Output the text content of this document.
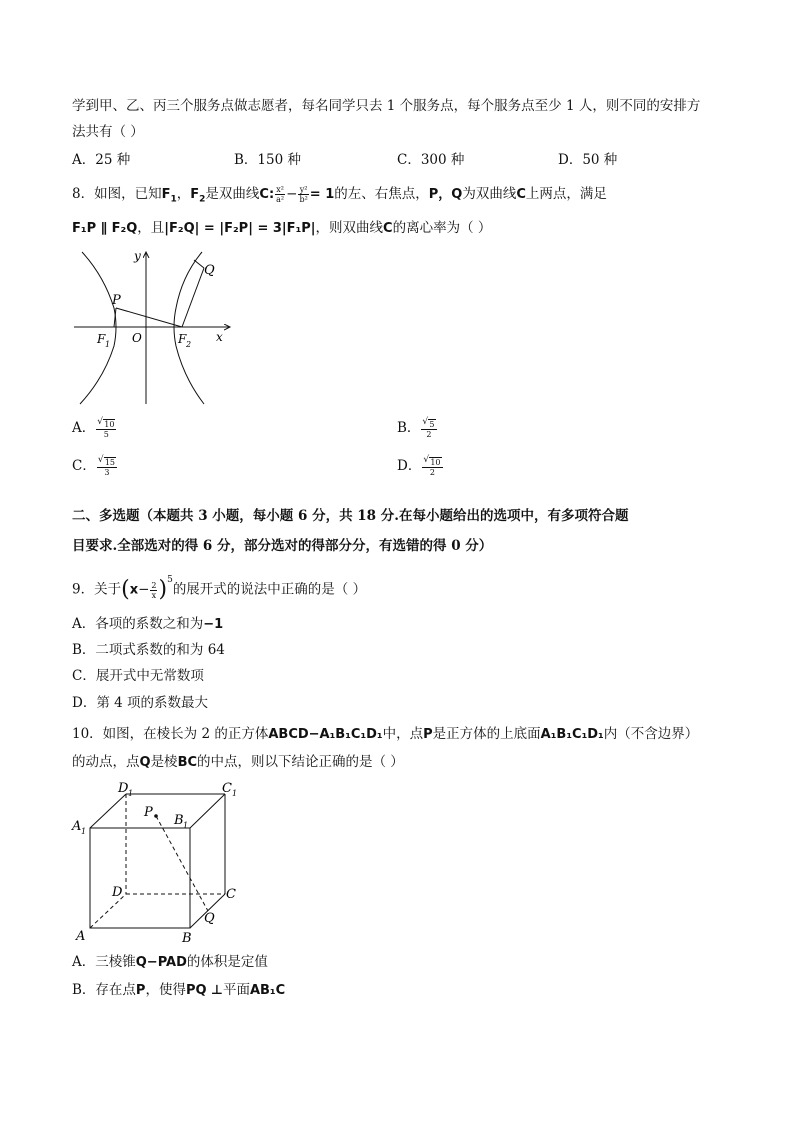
学到甲、乙、丙三个服务点做志愿者，每名同学只去 1 个服务点，每个服务点至少 1 人，则不同的安排方
法共有（ ）
A．25 种	B．150 种	C．300 种	D．50 种
8．如图，已知$F_1$，$F_2$是双曲线C: $\frac{\text{x²}}{\text{a²}} - \frac{\text{y²}}{\text{b²}} = 1$的左、右焦点，P，Q为双曲线C上两点，满足
F₁P ∥ F₂Q，且|F₂Q| = |F₂P| = 3|F₁P|，则双曲线C的离心率为（ ）
y
x
P
Q
O
F 1	F 2
A． √ $\frac{10}{5}$	B． √ $\frac{5}{2}$
C． √ $\frac{15}{3}$	D． √ $\frac{10}{2}$
二、多选题（本题共 3 小题，每小题 6 分，共 18 分.在每小题给出的选项中，有多项符合题
目要求.全部选对的得 6 分，部分选对的得部分分，有选错的得 0 分）
9．关于$(x- \frac{2}{x} )^5$的展开式的说法中正确的是（ ）
A．各项的系数之和为−1
B．二项式系数的和为 64
C．展开式中无常数项
D．第 4 项的系数最大
10．如图，在棱长为 2 的正方体ABCD−A₁B₁C₁D₁中，点P是正方体的上底面A₁B₁C₁D₁内（不含边界）
的动点，点Q是棱BC的中点，则以下结论正确的是（ ）
D 1	C 1
A 1
B 1
P
D	C
A	B
Q
A．三棱锥Q−PAD的体积是定值
B．存在点P，使得PQ ⊥平面AB₁C
